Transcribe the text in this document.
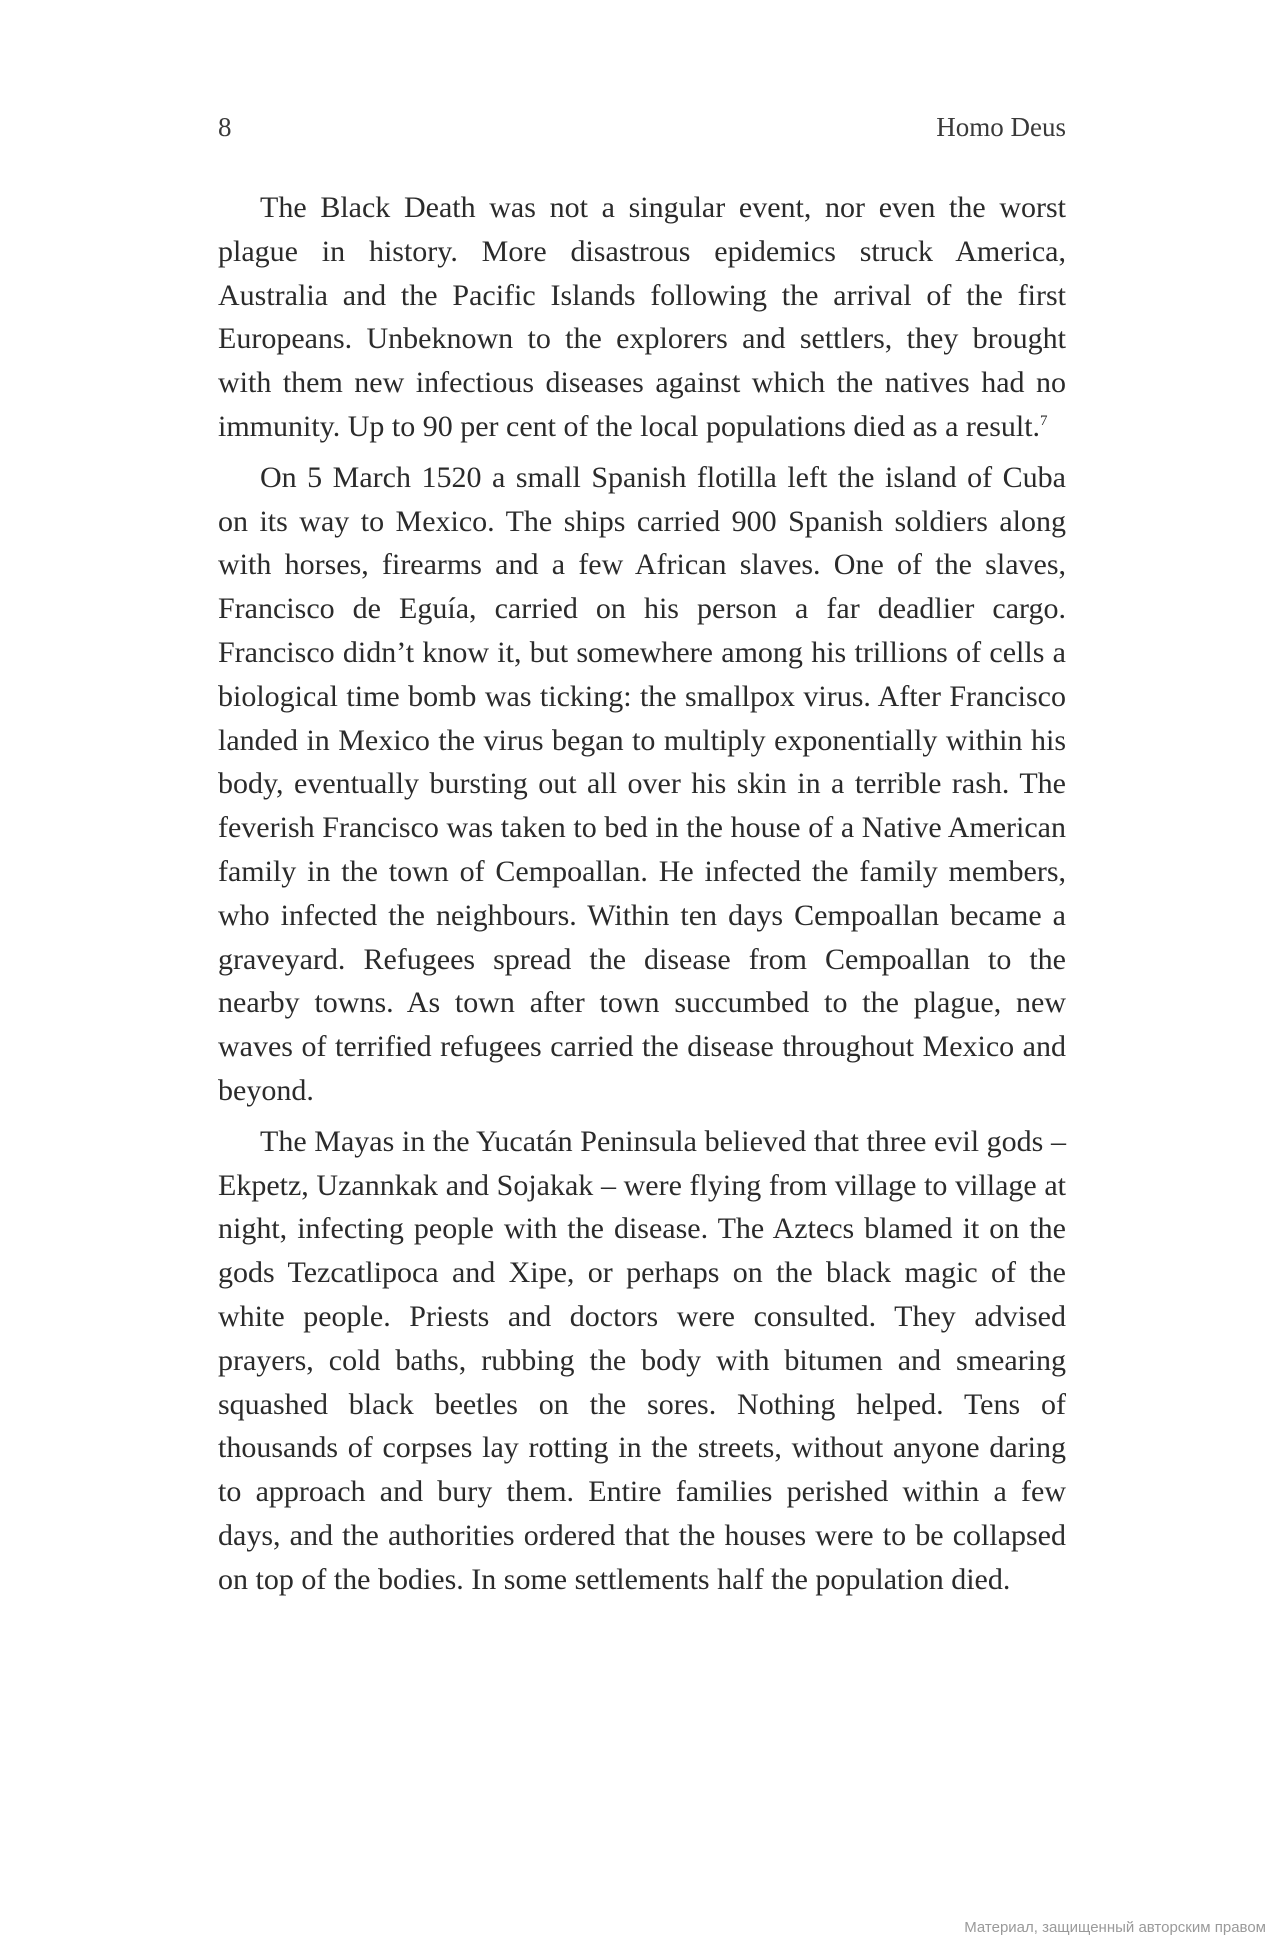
8	Homo Deus

The Black Death was not a singular event, nor even the worst plague in history. More disastrous epidemics struck America, Australia and the Pacific Islands following the arrival of the first Europeans. Unbeknown to the explorers and settlers, they brought with them new infectious diseases against which the natives had no immunity. Up to 90 per cent of the local populations died as a result.$^7$

On 5 March 1520 a small Spanish flotilla left the island of Cuba on its way to Mexico. The ships carried 900 Spanish soldiers along with horses, firearms and a few African slaves. One of the slaves, Francisco de Eguía, carried on his person a far deadlier cargo. Francisco didn’t know it, but somewhere among his trillions of cells a biological time bomb was ticking: the smallpox virus. After Francisco landed in Mexico the virus began to multiply exponentially within his body, eventually bursting out all over his skin in a terrible rash. The feverish Francisco was taken to bed in the house of a Native American family in the town of Cempoallan. He infected the family members, who infected the neighbours. Within ten days Cempoallan became a graveyard. Refugees spread the disease from Cempoallan to the nearby towns. As town after town succumbed to the plague, new waves of terrified refugees carried the disease throughout Mexico and beyond.

The Mayas in the Yucatán Peninsula believed that three evil gods – Ekpetz, Uzannkak and Sojakak – were flying from village to village at night, infecting people with the disease. The Aztecs blamed it on the gods Tezcatlipoca and Xipe, or perhaps on the black magic of the white people. Priests and doctors were consulted. They advised prayers, cold baths, rubbing the body with bitumen and smearing squashed black beetles on the sores. Nothing helped. Tens of thousands of corpses lay rotting in the streets, without anyone daring to approach and bury them. Entire families perished within a few days, and the authorities ordered that the houses were to be collapsed on top of the bodies. In some settlements half the population died.

Материал, защищенный авторским правом
